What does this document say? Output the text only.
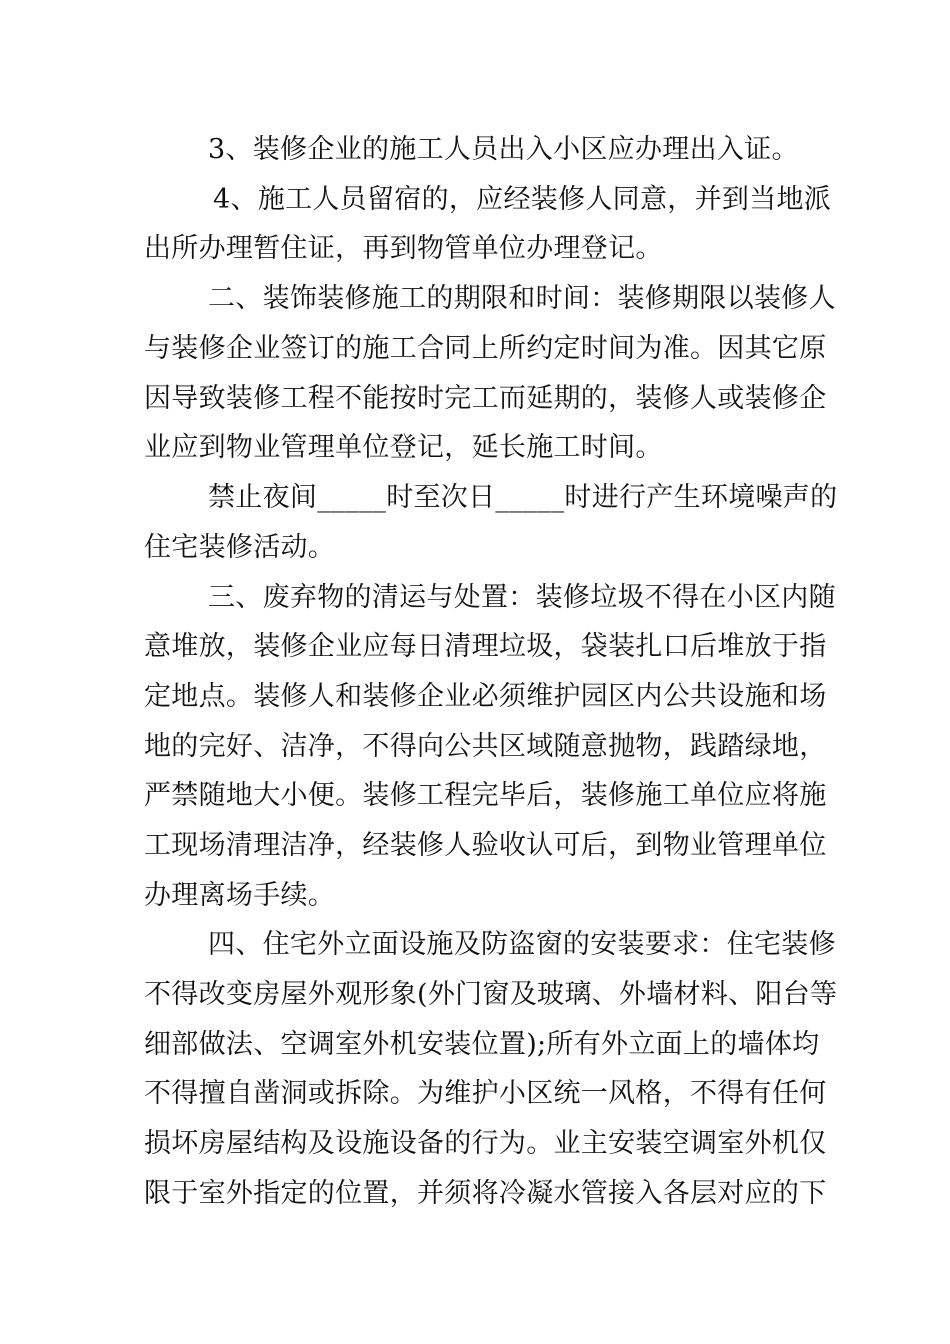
3、装修企业的施工人员出入小区应办理出入证。
4、施工人员留宿的，应经装修人同意，并到当地派
出所办理暂住证，再到物管单位办理登记。
二、装饰装修施工的期限和时间：装修期限以装修人
与装修企业签订的施工合同上所约定时间为准。因其它原
因导致装修工程不能按时完工而延期的，装修人或装修企
业应到物业管理单位登记，延长施工时间。
禁止夜间_____时至次日_____时进行产生环境噪声的
住宅装修活动。
三、废弃物的清运与处置：装修垃圾不得在小区内随
意堆放，装修企业应每日清理垃圾，袋装扎口后堆放于指
定地点。装修人和装修企业必须维护园区内公共设施和场
地的完好、洁净，不得向公共区域随意抛物，践踏绿地，
严禁随地大小便。装修工程完毕后，装修施工单位应将施
工现场清理洁净，经装修人验收认可后，到物业管理单位
办理离场手续。
四、住宅外立面设施及防盗窗的安装要求：住宅装修
不得改变房屋外观形象(外门窗及玻璃、外墙材料、阳台等
细部做法、空调室外机安装位置);所有外立面上的墙体均
不得擅自凿洞或拆除。为维护小区统一风格，不得有任何
损坏房屋结构及设施设备的行为。业主安装空调室外机仅
限于室外指定的位置，并须将冷凝水管接入各层对应的下
